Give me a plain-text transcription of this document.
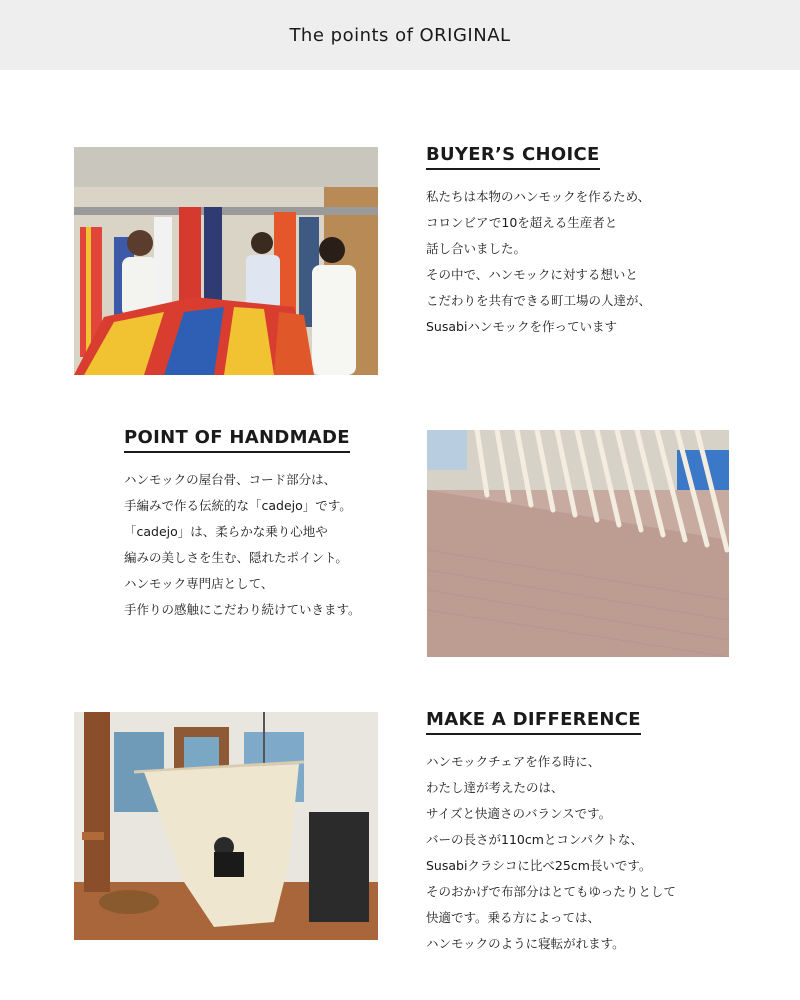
The points of ORIGINAL
BUYER’S CHOICE
私たちは本物のハンモックを作るため、
コロンビアで10を超える生産者と
話し合いました。
その中で、ハンモックに対する想いと
こだわりを共有できる町工場の人達が、
Susabiハンモックを作っています
POINT OF HANDMADE
ハンモックの屋台骨、コード部分は、
手編みで作る伝統的な「cadejo」です。
「cadejo」は、柔らかな乗り心地や
編みの美しさを生む、隠れたポイント。
ハンモック専門店として、
手作りの感触にこだわり続けていきます。
MAKE A DIFFERENCE
ハンモックチェアを作る時に、
わたし達が考えたのは、
サイズと快適さのバランスです。
バーの長さが110cmとコンパクトな、
Susabiクラシコに比べ25cm長いです。
そのおかげで布部分はとてもゆったりとして
快適です。乗る方によっては、
ハンモックのように寝転がれます。
